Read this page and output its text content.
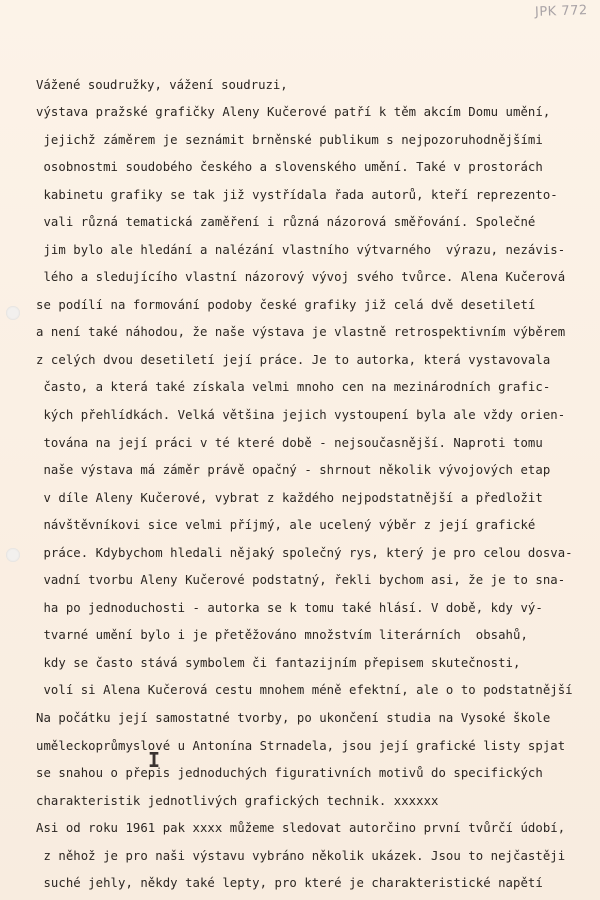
JPK 772

Vážené soudružky, vážení soudruzi,

výstava pražské grafičky Aleny Kučerové patří k těm akcím Domu umění,

jejichž záměrem je seznámit brněnské publikum s nejpozoruhodnějšími

osobnostmi soudobého českého a slovenského umění. Také v prostorách

kabinetu grafiky se tak již vystřídala řada autorů, kteří reprezento-

vali různá tematická zaměření i různá názorová směřování. Společné

jim bylo ale hledání a nalézání vlastního výtvarného  výrazu, nezávis-

lého a sledujícího vlastní názorový vývoj svého tvůrce. Alena Kučerová

se podílí na formování podoby české grafiky již celá dvě desetiletí

a není také náhodou, že naše výstava je vlastně retrospektivním výběrem

z celých dvou desetiletí její práce. Je to autorka, která vystavovala

často, a která také získala velmi mnoho cen na mezinárodních grafic-

kých přehlídkách. Velká většina jejich vystoupení byla ale vždy orien-

tována na její práci v té které době - nejsoučasnější. Naproti tomu

naše výstava má záměr právě opačný - shrnout několik vývojových etap

v díle Aleny Kučerové, vybrat z každého nejpodstatnější a předložit

návštěvníkovi sice velmi příjmý, ale ucelený výběr z její grafické

práce. Kdybychom hledali nějaký společný rys, který je pro celou dosva-

vadní tvorbu Aleny Kučerové podstatný, řekli bychom asi, že je to sna-

ha po jednoduchosti - autorka se k tomu také hlásí. V době, kdy vý-

tvarné umění bylo i je přetěžováno množstvím literárních  obsahů,

kdy se často stává symbolem či fantazijním přepisem skutečnosti,

volí si Alena Kučerová cestu mnohem méně efektní, ale o to podstatnější

Na počátku její samostatné tvorby, po ukončení studia na Vysoké škole

uměleckoprůmyslové u Antonína Strnadela, jsou její grafické listy spjat

se snahou o přepis jednoduchých figurativních motivů do specifických

charakteristik jednotlivých grafických technik. xxxxxx

Asi od roku 1961 pak xxxx můžeme sledovat autorčino první tvůrčí údobí,

z něhož je pro naši výstavu vybráno několik ukázek. Jsou to nejčastěji

suché jehly, někdy také lepty, pro které je charakteristické napětí

I
